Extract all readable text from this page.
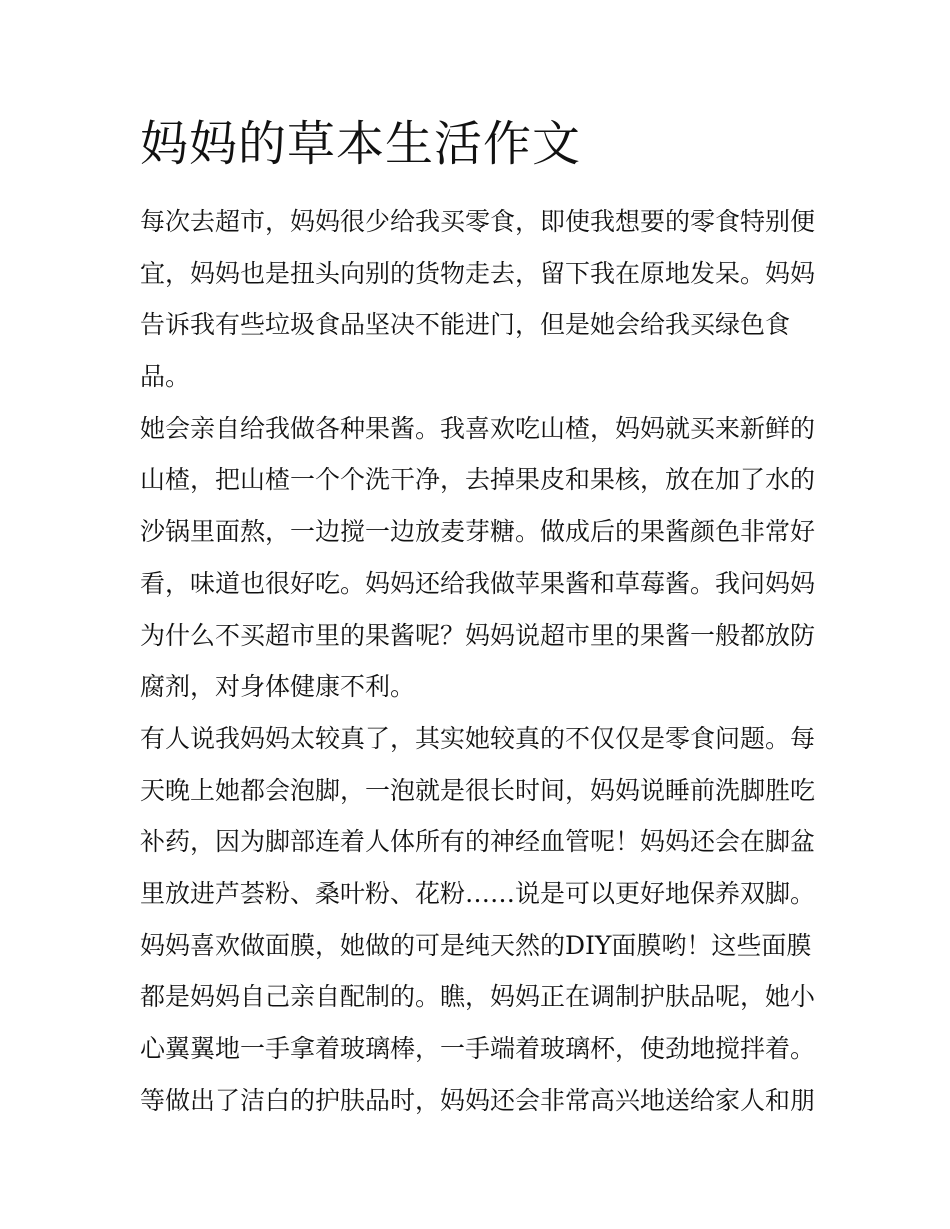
妈妈的草本生活作文
每次去超市，妈妈很少给我买零食，即使我想要的零食特别便
宜，妈妈也是扭头向别的货物走去，留下我在原地发呆。妈妈
告诉我有些垃圾食品坚决不能进门，但是她会给我买绿色食
品。
她会亲自给我做各种果酱。我喜欢吃山楂，妈妈就买来新鲜的
山楂，把山楂一个个洗干净，去掉果皮和果核，放在加了水的
沙锅里面熬，一边搅一边放麦芽糖。做成后的果酱颜色非常好
看，味道也很好吃。妈妈还给我做苹果酱和草莓酱。我问妈妈
为什么不买超市里的果酱呢？妈妈说超市里的果酱一般都放防
腐剂，对身体健康不利。
有人说我妈妈太较真了，其实她较真的不仅仅是零食问题。每
天晚上她都会泡脚，一泡就是很长时间，妈妈说睡前洗脚胜吃
补药，因为脚部连着人体所有的神经血管呢！妈妈还会在脚盆
里放进芦荟粉、桑叶粉、花粉……说是可以更好地保养双脚。
妈妈喜欢做面膜，她做的可是纯天然的DIY面膜哟！这些面膜
都是妈妈自己亲自配制的。瞧，妈妈正在调制护肤品呢，她小
心翼翼地一手拿着玻璃棒，一手端着玻璃杯，使劲地搅拌着。
等做出了洁白的护肤品时，妈妈还会非常高兴地送给家人和朋
